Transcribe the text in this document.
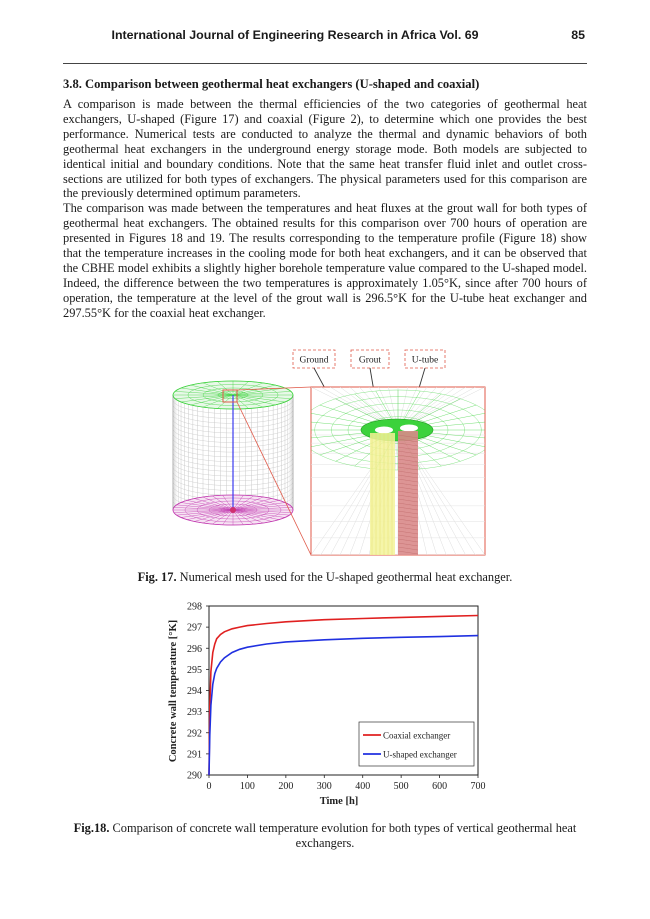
International Journal of Engineering Research in Africa Vol. 69	85
3.8. Comparison between geothermal heat exchangers (U-shaped and coaxial)

A comparison is made between the thermal efficiencies of the two categories of geothermal heat exchangers, U-shaped (Figure 17) and coaxial (Figure 2), to determine which one provides the best performance. Numerical tests are conducted to analyze the thermal and dynamic behaviors of both geothermal heat exchangers in the underground energy storage mode. Both models are subjected to identical initial and boundary conditions. Note that the same heat transfer fluid inlet and outlet cross-sections are utilized for both types of exchangers. The physical parameters used for this comparison are the previously determined optimum parameters.

The comparison was made between the temperatures and heat fluxes at the grout wall for both types of geothermal heat exchangers. The obtained results for this comparison over 700 hours of operation are presented in Figures 18 and 19. The results corresponding to the temperature profile (Figure 18) show that the temperature increases in the cooling mode for both heat exchangers, and it can be observed that the CBHE model exhibits a slightly higher borehole temperature value compared to the U-shaped model. Indeed, the difference between the two temperatures is approximately 1.05°K, since after 700 hours of operation, the temperature at the level of the grout wall is 296.5°K for the U-tube heat exchanger and 297.55°K for the coaxial heat exchanger.

Ground	Grout	U-tube
Fig. 17. Numerical mesh used for the U-shaped geothermal heat exchanger.
290
291
292
293
294
295
296
297
298
0	100 200 300 400 500 600 700
Coaxial exchanger
U-shaped exchanger
Time [h]
Concrete wall temperature [°K]
Fig.18. Comparison of concrete wall temperature evolution for both types of vertical geothermal heat exchangers.
